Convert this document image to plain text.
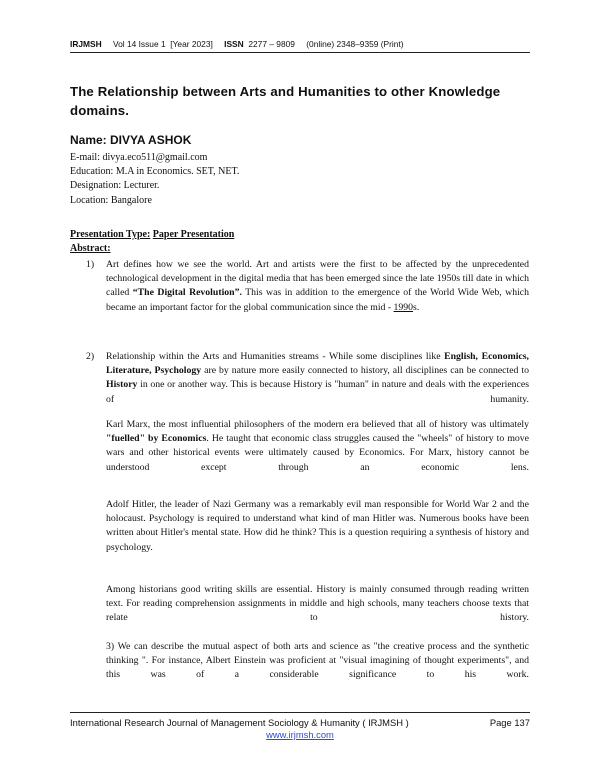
IRJMSH Vol 14 Issue 1 [Year 2023] ISSN 2277 – 9809 (0nline) 2348–9359 (Print)
The Relationship between Arts and Humanities to other Knowledge domains.
Name: DIVYA ASHOK
E-mail: divya.eco511@gmail.com
Education: M.A in Economics. SET, NET.
Designation: Lecturer.
Location: Bangalore
Presentation Type: Paper Presentation
Abstract:
1) Art defines how we see the world. Art and artists were the first to be affected by the unprecedented technological development in the digital media that has been emerged since the late 1950s till date in which called “The Digital Revolution”. This was in addition to the emergence of the World Wide Web, which became an important factor for the global communication since the mid - 1990s.

2) Relationship within the Arts and Humanities streams - While some disciplines like English, Economics, Literature, Psychology are by nature more easily connected to history, all disciplines can be connected to History in one or another way. This is because History is "human" in nature and deals with the experiences of humanity.

Karl Marx, the most influential philosophers of the modern era believed that all of history was ultimately "fuelled" by Economics. He taught that economic class struggles caused the "wheels" of history to move wars and other historical events were ultimately caused by Economics. For Marx, history cannot be understood except through an economic lens.

Adolf Hitler, the leader of Nazi Germany was a remarkably evil man responsible for World War 2 and the holocaust. Psychology is required to understand what kind of man Hitler was. Numerous books have been written about Hitler's mental state. How did he think? This is a question requiring a synthesis of history and psychology.

Among historians good writing skills are essential. History is mainly consumed through reading written text. For reading comprehension assignments in middle and high schools, many teachers choose texts that relate to history.

3) We can describe the mutual aspect of both arts and science as "the creative process and the synthetic thinking ". For instance, Albert Einstein was proficient at "visual imagining of thought experiments", and this was of a considerable significance to his work.

International Research Journal of Management Sociology & Humanity ( IRJMSH )	Page 137
www.irjmsh.com
